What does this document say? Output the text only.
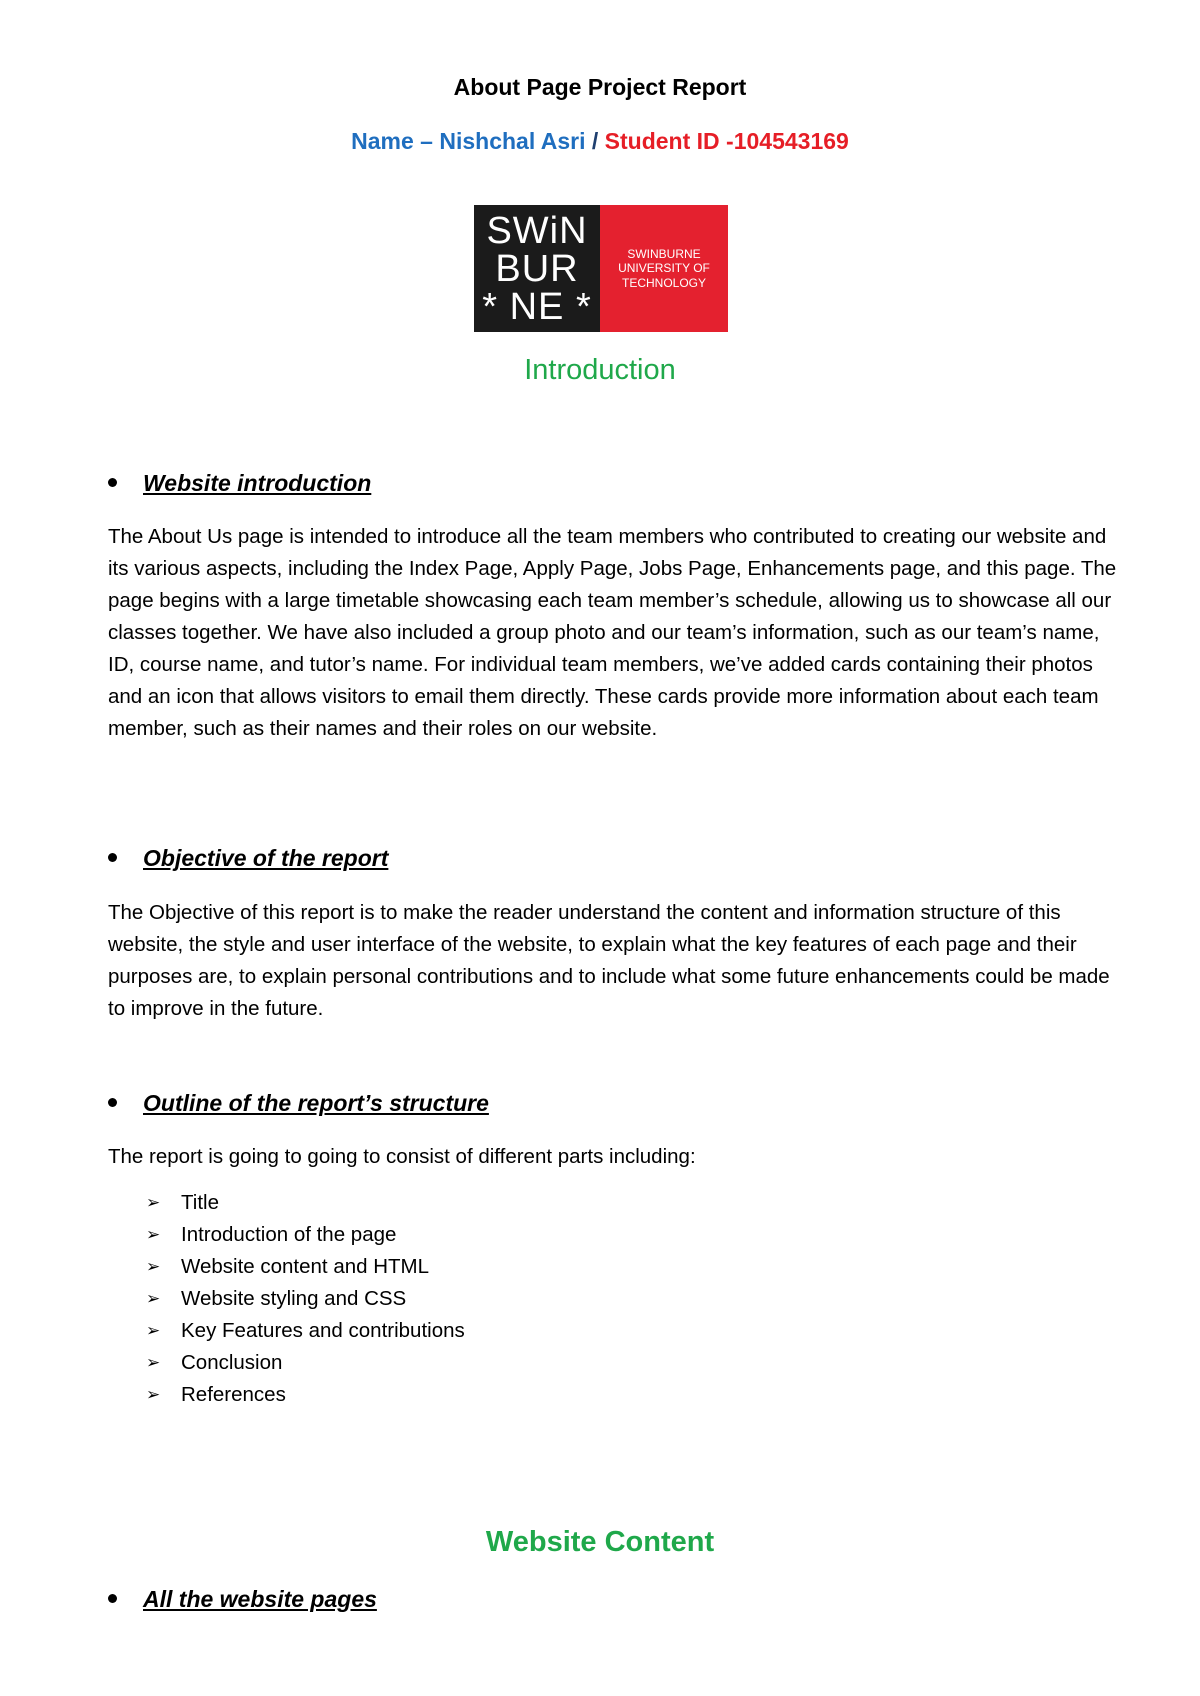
About Page Project Report
Name – Nishchal Asri / Student ID -104543169
SWiN
BUR
* NE *
SWINBURNE
UNIVERSITY OF
TECHNOLOGY
Introduction
Website introduction
The About Us page is intended to introduce all the team members who contributed to creating our website and its various aspects, including the Index Page, Apply Page, Jobs Page, Enhancements page, and this page. The page begins with a large timetable showcasing each team member’s schedule, allowing us to showcase all our classes together. We have also included a group photo and our team’s information, such as our team’s name, ID, course name, and tutor’s name. For individual team members, we’ve added cards containing their photos and an icon that allows visitors to email them directly. These cards provide more information about each team member, such as their names and their roles on our website.
Objective of the report
The Objective of this report is to make the reader understand the content and information structure of this website, the style and user interface of the website, to explain what the key features of each page and their purposes are, to explain personal contributions and to include what some future enhancements could be made to improve in the future.
Outline of the report’s structure
The report is going to going to consist of different parts including:
➢	Title
➢	Introduction of the page
➢	Website content and HTML
➢	Website styling and CSS
➢	Key Features and contributions
➢	Conclusion
➢	References
Website Content
All the website pages
